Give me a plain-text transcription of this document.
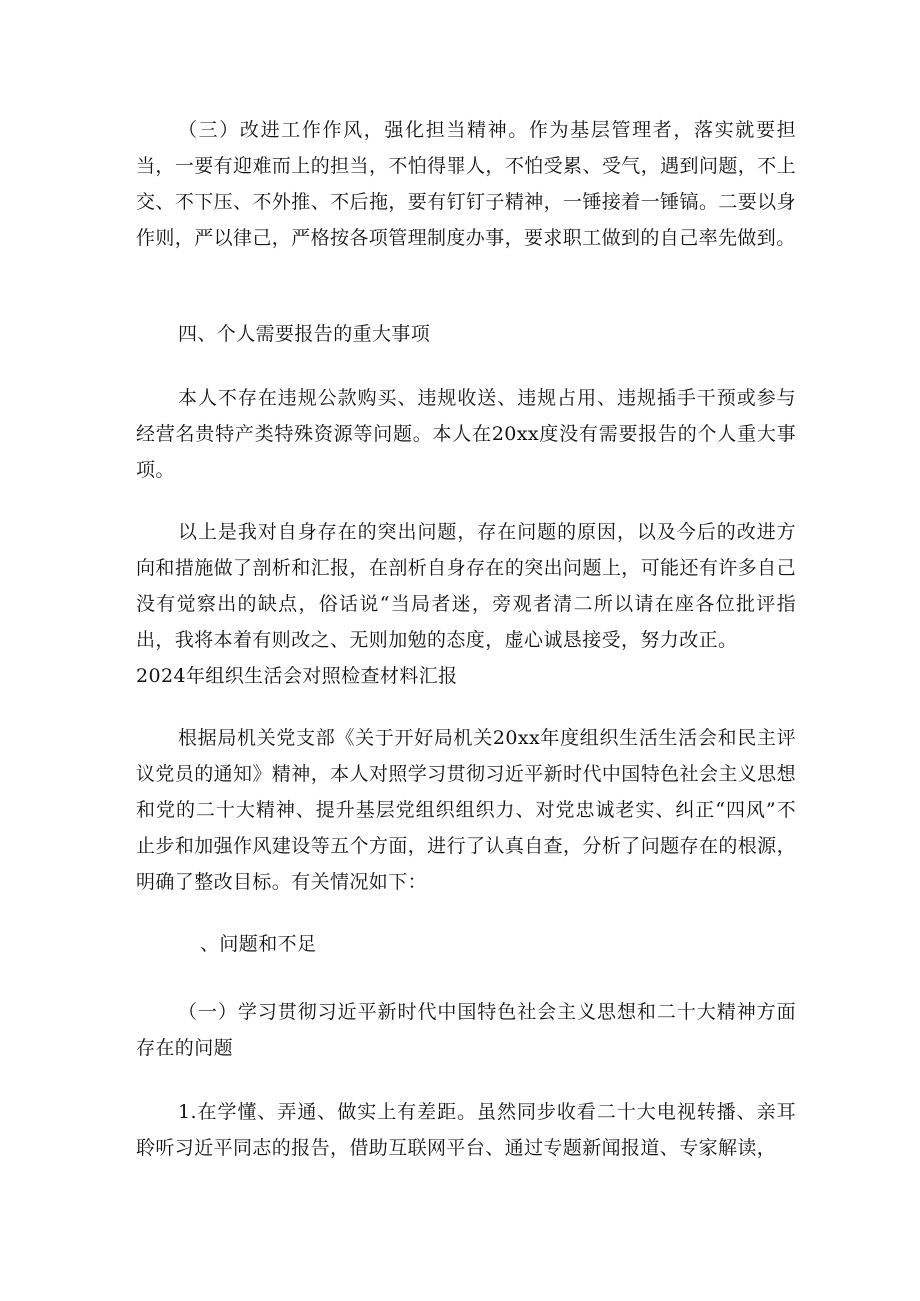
（三）改进工作作风，强化担当精神。作为基层管理者，落实就要担当，一要有迎难而上的担当，不怕得罪人，不怕受累、受气，遇到问题，不上交、不下压、不外推、不后拖，要有钉钉子精神，一锤接着一锤镐。二要以身作则，严以律己，严格按各项管理制度办事，要求职工做到的自己率先做到。

四、个人需要报告的重大事项

本人不存在违规公款购买、违规收送、违规占用、违规插手干预或参与经营名贵特产类特殊资源等问题。本人在20xx度没有需要报告的个人重大事项。

以上是我对自身存在的突出问题，存在问题的原因，以及今后的改进方向和措施做了剖析和汇报，在剖析自身存在的突出问题上，可能还有许多自己没有觉察出的缺点，俗话说“当局者迷，旁观者清二所以请在座各位批评指出，我将本着有则改之、无则加勉的态度，虚心诚恳接受，努力改正。
2024年组织生活会对照检查材料汇报

根据局机关党支部《关于开好局机关20xx年度组织生活生活会和民主评议党员的通知》精神，本人对照学习贯彻习近平新时代中国特色社会主义思想和党的二十大精神、提升基层党组织组织力、对党忠诚老实、纠正“四风”不止步和加强作风建设等五个方面，进行了认真自查，分析了问题存在的根源，明确了整改目标。有关情况如下：

、问题和不足

（一）学习贯彻习近平新时代中国特色社会主义思想和二十大精神方面存在的问题

1.在学懂、弄通、做实上有差距。虽然同步收看二十大电视转播、亲耳聆听习近平同志的报告，借助互联网平台、通过专题新闻报道、专家解读，
